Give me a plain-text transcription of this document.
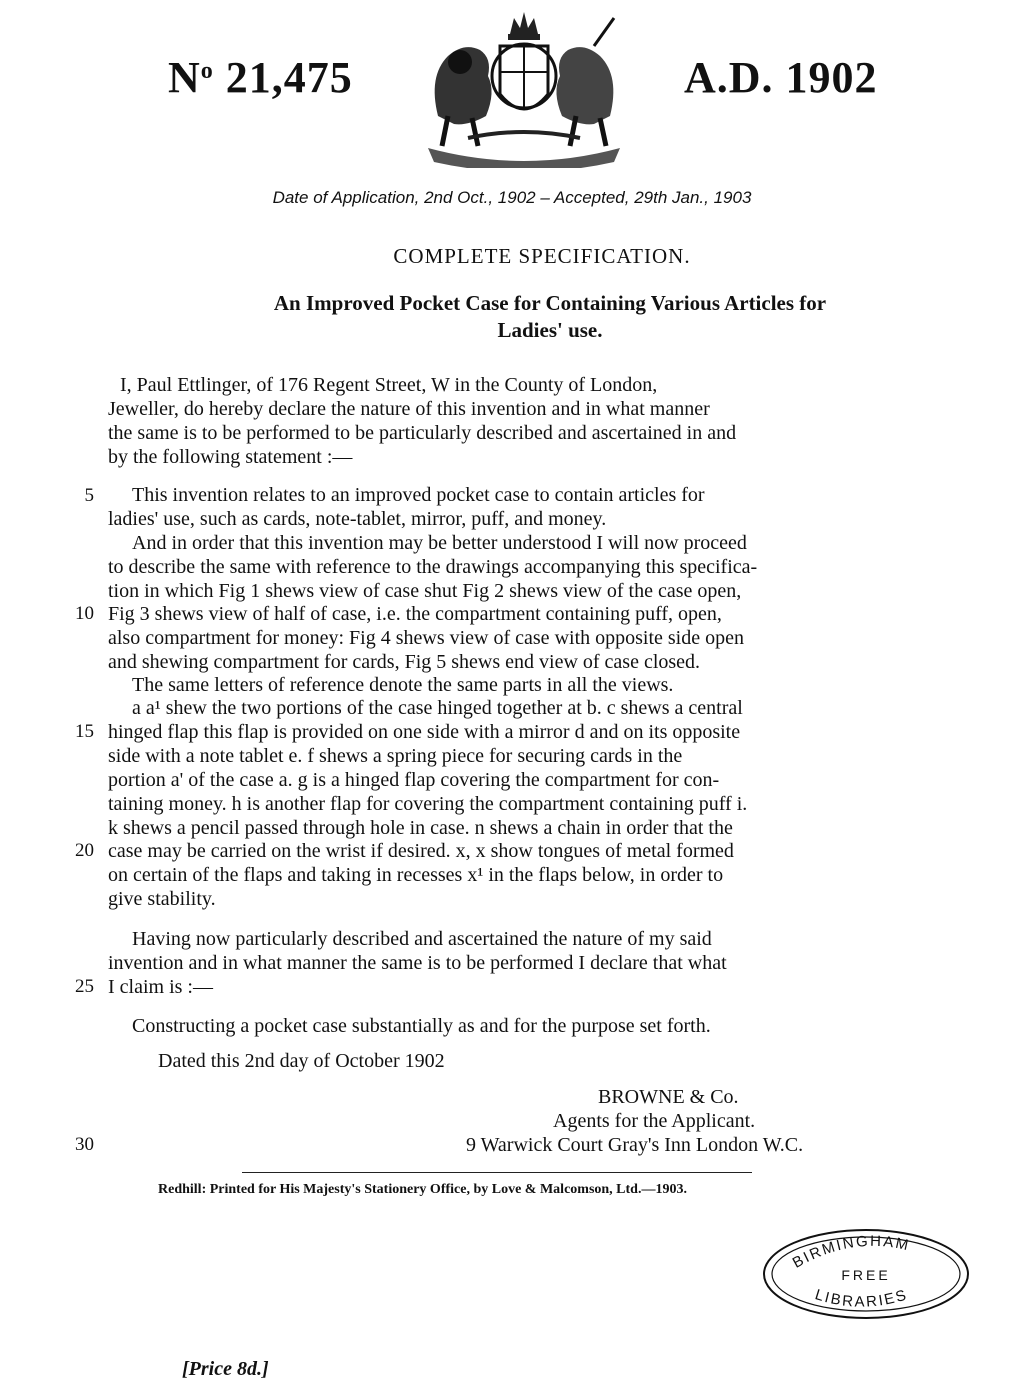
$N^o$ 21,475	A.D. 1902
Date of Application, 2nd Oct., 1902 – Accepted, 29th Jan., 1903
COMPLETE SPECIFICATION.
An Improved Pocket Case for Containing Various Articles for
Ladies' use.
5
10
15
20
25
30
I, Paul Ettlinger, of 176 Regent Street, W in the County of London,
Jeweller, do hereby declare the nature of this invention and in what manner
the same is to be performed to be particularly described and ascertained in and
by the following statement :—
This invention relates to an improved pocket case to contain articles for
ladies' use, such as cards, note-tablet, mirror, puff, and money.
And in order that this invention may be better understood I will now proceed
to describe the same with reference to the drawings accompanying this specifica-
tion in which Fig 1 shews view of case shut Fig 2 shews view of the case open,
Fig 3 shews view of half of case, i.e. the compartment containing puff, open,
also compartment for money: Fig 4 shews view of case with opposite side open
and shewing compartment for cards, Fig 5 shews end view of case closed.
The same letters of reference denote the same parts in all the views.
a a¹ shew the two portions of the case hinged together at b. c shews a central
hinged flap this flap is provided on one side with a mirror d and on its opposite
side with a note tablet e. f shews a spring piece for securing cards in the
portion a' of the case a. g is a hinged flap covering the compartment for con-
taining money. h is another flap for covering the compartment containing puff i.
k shews a pencil passed through hole in case. n shews a chain in order that the
case may be carried on the wrist if desired. x, x show tongues of metal formed
on certain of the flaps and taking in recesses x¹ in the flaps below, in order to
give stability.
Having now particularly described and ascertained the nature of my said
invention and in what manner the same is to be performed I declare that what
I claim is :—
Constructing a pocket case substantially as and for the purpose set forth.
Dated this 2nd day of October 1902
BROWNE & Co.
Agents for the Applicant.
9 Warwick Court Gray's Inn London W.C.
Redhill: Printed for His Majesty's Stationery Office, by Love & Malcomson, Ltd.—1903.
BIRMINGHAM
FREE
LIBRARIES
[Price 8d.]
